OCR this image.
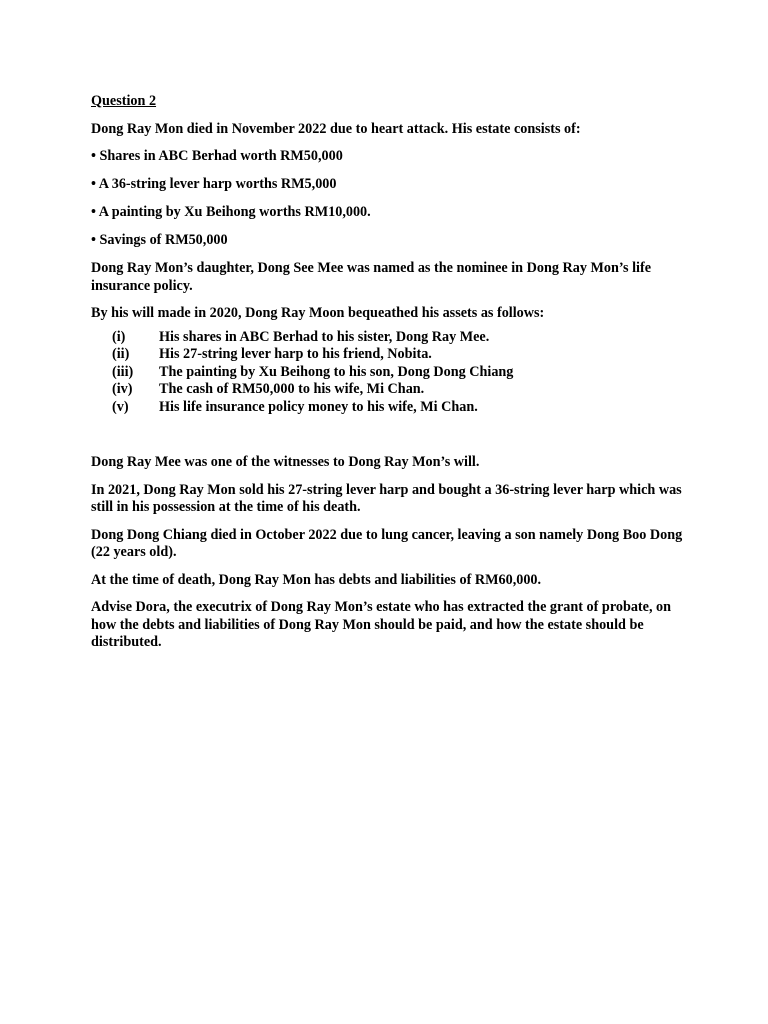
Question 2
Dong Ray Mon died in November 2022 due to heart attack. His estate consists of:
• Shares in ABC Berhad worth RM50,000
• A 36-string lever harp worths RM5,000
• A painting by Xu Beihong worths RM10,000.
• Savings of RM50,000
Dong Ray Mon’s daughter, Dong See Mee was named as the nominee in Dong Ray Mon’s life insurance policy.
By his will made in 2020, Dong Ray Moon bequeathed his assets as follows:
(i)	His shares in ABC Berhad to his sister, Dong Ray Mee.
(ii)	His 27-string lever harp to his friend, Nobita.
(iii)	The painting by Xu Beihong to his son, Dong Dong Chiang
(iv)	The cash of RM50,000 to his wife, Mi Chan.
(v)	His life insurance policy money to his wife, Mi Chan.
Dong Ray Mee was one of the witnesses to Dong Ray Mon’s will.
In 2021, Dong Ray Mon sold his 27-string lever harp and bought a 36-string lever harp which was still in his possession at the time of his death.
Dong Dong Chiang died in October 2022 due to lung cancer, leaving a son namely Dong Boo Dong (22 years old).
At the time of death, Dong Ray Mon has debts and liabilities of RM60,000.
Advise Dora, the executrix of Dong Ray Mon’s estate who has extracted the grant of probate, on how the debts and liabilities of Dong Ray Mon should be paid, and how the estate should be distributed.
